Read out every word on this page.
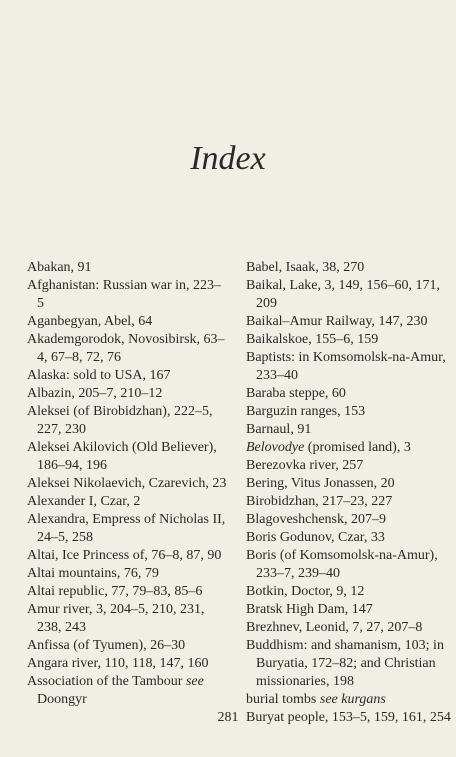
Index

Abakan, 91

Afghanistan: Russian war in, 223–5

Aganbegyan, Abel, 64

Akademgorodok, Novosibirsk, 63–4, 67–8, 72, 76

Alaska: sold to USA, 167

Albazin, 205–7, 210–12

Aleksei (of Birobidzhan), 222–5, 227, 230

Aleksei Akilovich (Old Believer), 186–94, 196

Aleksei Nikolaevich, Czarevich, 23

Alexander I, Czar, 2

Alexandra, Empress of Nicholas II, 24–5, 258

Altai, Ice Princess of, 76–8, 87, 90

Altai mountains, 76, 79

Altai republic, 77, 79–83, 85–6

Amur river, 3, 204–5, 210, 231, 238, 243

Anfissa (of Tyumen), 26–30

Angara river, 110, 118, 147, 160

Association of the Tambour see Doongyr

Babel, Isaak, 38, 270

Baikal, Lake, 3, 149, 156–60, 171, 209

Baikal–Amur Railway, 147, 230

Baikalskoe, 155–6, 159

Baptists: in Komsomolsk-na-Amur, 233–40

Baraba steppe, 60

Barguzin ranges, 153

Barnaul, 91

Belovodye (promised land), 3

Berezovka river, 257

Bering, Vitus Jonassen, 20

Birobidzhan, 217–23, 227

Blagoveshchensk, 207–9

Boris Godunov, Czar, 33

Boris (of Komsomolsk-na-Amur), 233–7, 239–40

Botkin, Doctor, 9, 12

Bratsk High Dam, 147

Brezhnev, Leonid, 7, 27, 207–8

Buddhism: and shamanism, 103; in Buryatia, 172–82; and Christian missionaries, 198

burial tombs see kurgans

Buryat people, 153–5, 159, 161, 254

281
